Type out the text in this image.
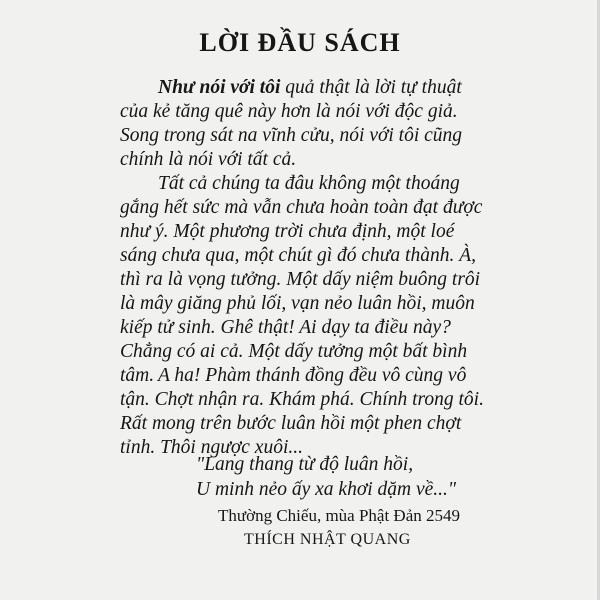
LỜI ĐẦU SÁCH
Như nói với tôi quả thật là lời tự thuật
của kẻ tăng quê này hơn là nói với độc giả.
Song trong sát na vĩnh cửu, nói với tôi cũng
chính là nói với tất cả.
Tất cả chúng ta đâu không một thoáng
gắng hết sức mà vẫn chưa hoàn toàn đạt được
như ý. Một phương trời chưa định, một loé
sáng chưa qua, một chút gì đó chưa thành. À,
thì ra là vọng tưởng. Một dấy niệm buông trôi
là mây giăng phủ lối, vạn nẻo luân hồi, muôn
kiếp tử sinh. Ghê thật! Ai dạy ta điều này?
Chẳng có ai cả. Một dấy tưởng một bất bình
tâm. A ha! Phàm thánh đồng đều vô cùng vô
tận. Chợt nhận ra. Khám phá. Chính trong tôi.
Rất mong trên bước luân hồi một phen chợt
tỉnh. Thôi ngược xuôi...
"Lang thang từ độ luân hồi,
U minh nẻo ấy xa khơi dặm về..."
Thường Chiếu, mùa Phật Đản 2549
THÍCH NHẬT QUANG
